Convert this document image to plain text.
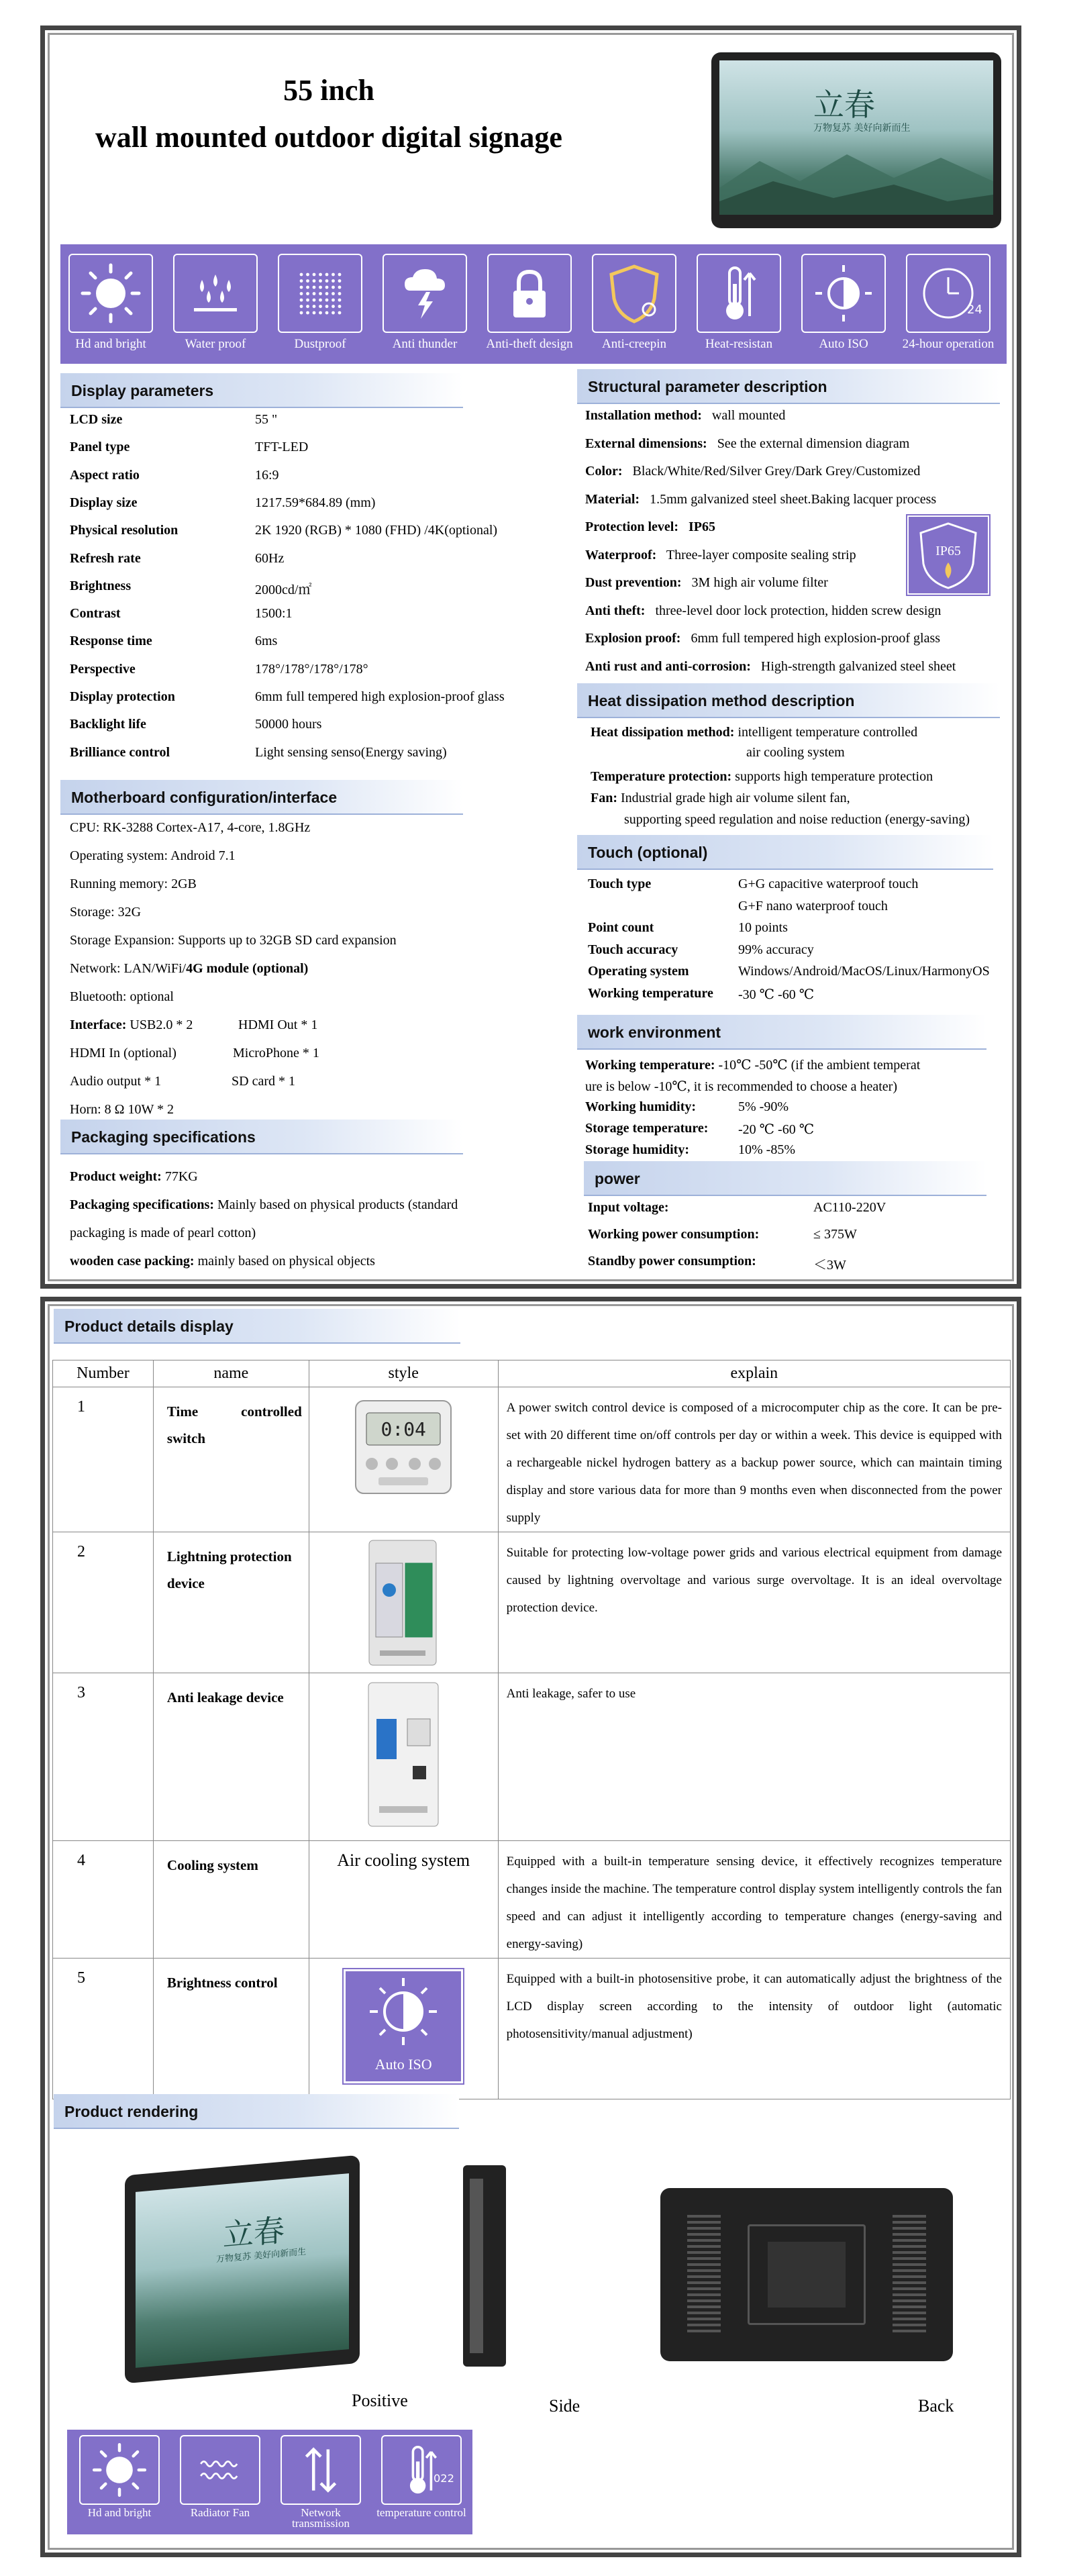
55 inch
wall mounted outdoor digital signage
立春
万物复苏 美好向新而生
Hd and bright	Water proof	Dustproof	Anti thunder	Anti-theft design	Anti-creepin	Heat-resistan	Auto ISO
24
24-hour operation
Display parameters
LCD size	55 "
Panel type	TFT-LED
Aspect ratio	16:9
Display size	1217.59*684.89 (mm)
Physical resolution	2K 1920 (RGB) * 1080 (FHD) /4K(optional)
Refresh rate	60Hz
Brightness	2000cd/㎡
Contrast	1500:1
Response time	6ms
Perspective	178°/178°/178°/178°
Display protection	6mm full tempered high explosion-proof glass
Backlight life	50000 hours
Brilliance control	Light sensing senso(Energy saving)
Motherboard configuration/interface
CPU: RK-3288 Cortex-A17, 4-core, 1.8GHz
Operating system: Android 7.1
Running memory: 2GB
Storage: 32G
Storage Expansion: Supports up to 32GB SD card expansion
Network: LAN/WiFi/4G module (optional)
Bluetooth: optional
Interface: USB2.0 * 2	HDMI Out * 1
HDMI In (optional)	MicroPhone * 1
Audio output * 1	SD card * 1
Horn: 8 Ω 10W * 2
Packaging specifications
Product weight: 77KG
Packaging specifications: Mainly based on physical products (standard
packaging is made of pearl cotton)
wooden case packing: mainly based on physical objects
Structural parameter description
Installation method: wall mounted
External dimensions: See the external dimension diagram
Color: Black/White/Red/Silver Grey/Dark Grey/Customized
Material: 1.5mm galvanized steel sheet.Baking lacquer process
Protection level: IP65
Waterproof: Three-layer composite sealing strip
Dust prevention: 3M high air volume filter
Anti theft: three-level door lock protection, hidden screw design
Explosion proof: 6mm full tempered high explosion-proof glass
Anti rust and anti-corrosion: High-strength galvanized steel sheet
IP65
Heat dissipation method description
Heat dissipation method: intelligent temperature controlled
air cooling system
Temperature protection: supports high temperature protection
Fan: Industrial grade high air volume silent fan,
supporting speed regulation and noise reduction (energy-saving)
Touch (optional)
Touch type	G+G capacitive waterproof touch
G+F nano waterproof touch
Point count	10 points
Touch accuracy	99% accuracy
Operating system	Windows/Android/MacOS/Linux/HarmonyOS
Working temperature -30 ℃ -60 ℃
work environment
Working temperature: -10℃ -50℃ (if the ambient temperat
ure is below -10℃, it is recommended to choose a heater)
Working humidity:	5% -90%
Storage temperature: -20 ℃ -60 ℃
Storage humidity:	10% -85%
power
Input voltage:	AC110-220V
Working power consumption:	≤ 375W
Standby power consumption:	＜3W
Product details display
Number	name	style	explain
1	Time controlled switch	0:04	A power switch control device is composed of a microcomputer chip as the core. It can be pre-set with 20 different time on/off controls per day or within a week. This device is equipped with a rechargeable nickel hydrogen battery as a backup power source, which can maintain timing display and store various data for more than 9 months even when disconnected from the power supply
2	Lightning protection device		Suitable for protecting low-voltage power grids and various electrical equipment from damage caused by lightning overvoltage and various surge overvoltage. It is an ideal overvoltage protection device.
3	Anti leakage device		Anti leakage, safer to use
4	Cooling system	Air cooling system	Equipped with a built-in temperature sensing device, it effectively recognizes temperature changes inside the machine. The temperature control display system intelligently controls the fan speed and can adjust it intelligently according to temperature changes (energy-saving and energy-saving)
5	Brightness control	Auto ISO	Equipped with a built-in photosensitive probe, it can automatically adjust the brightness of the LCD display screen according to the intensity of outdoor light (automatic photosensitivity/manual adjustment)
Product rendering
立春
万物复苏 美好向新而生
Positive	Side	Back
Hd and bright	Radiator Fan	Network transmission
022
temperature control
